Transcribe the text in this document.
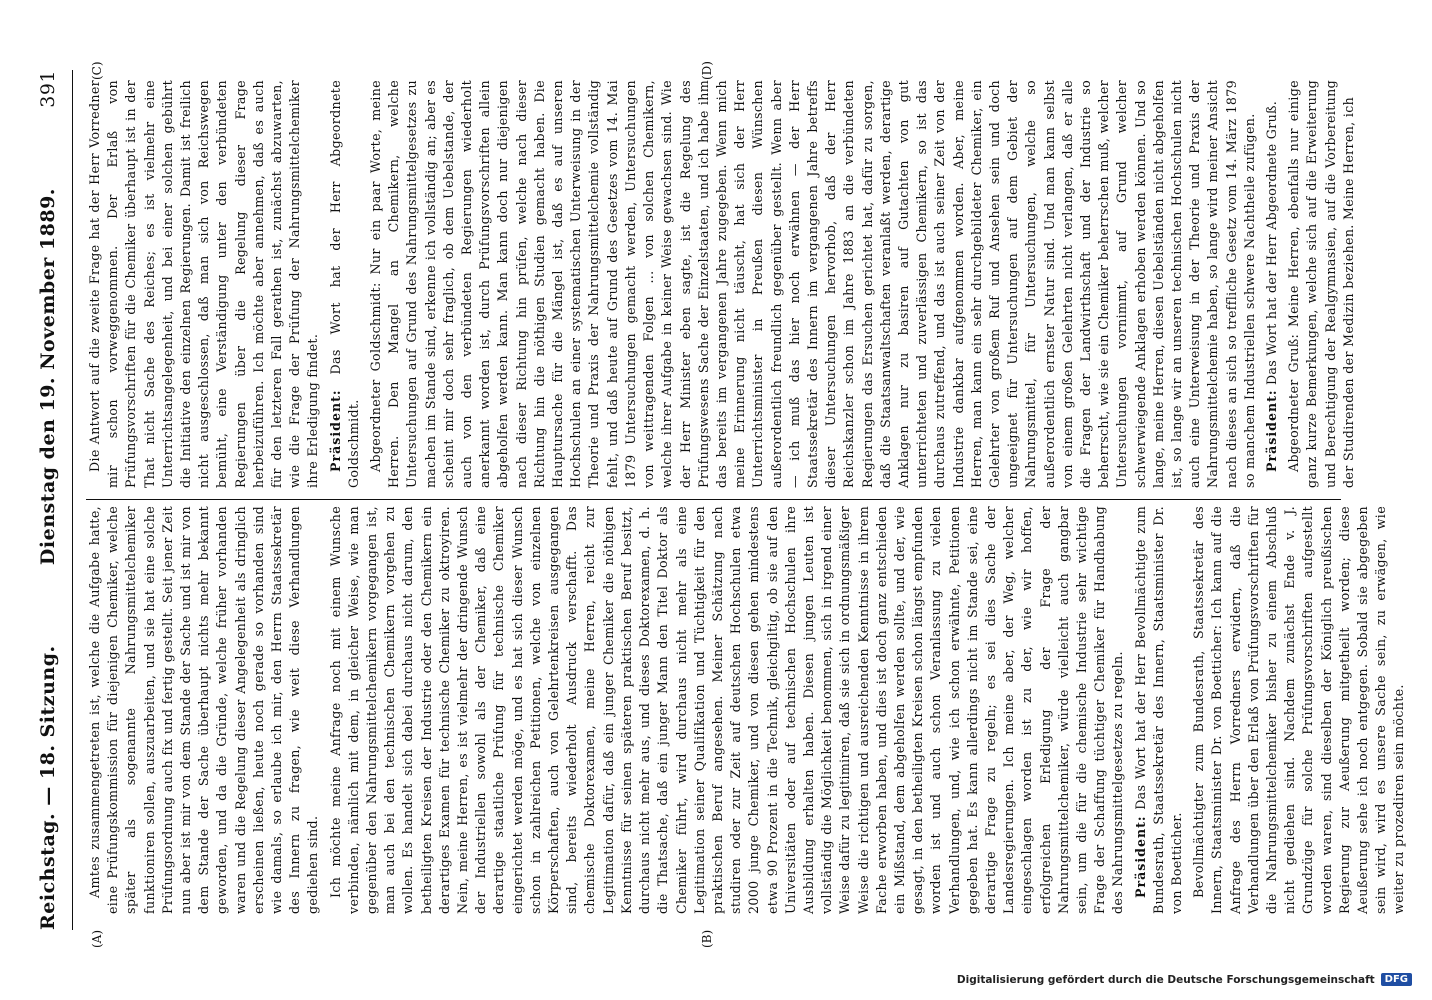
Reichstag. — 18. Sitzung.
Dienstag den 19. November 1889.
391
(A)	(B)
(C)	(D)

Amtes zusammengetreten ist, welche die Aufgabe hatte, eine Prüfungskommission für diejenigen Chemiker, welche später als sogenannte Nahrungsmittelchemiker funktioniren sollen, auszuarbeiten, und sie hat eine solche Prüfungsordnung auch fix und fertig gestellt. Seit jener Zeit nun aber ist mir von dem Stande der Sache und ist mir von dem Stande der Sache überhaupt nichts mehr bekannt geworden, und da die Gründe, welche früher vorhanden waren und die Regelung dieser Angelegenheit als dringlich erscheinen ließen, heute noch gerade so vorhanden sind wie damals, so erlaube ich mir, den Herrn Staatssekretär des Innern zu fragen, wie weit diese Verhandlungen gediehen sind. Ich möchte meine Anfrage noch mit einem Wunsche verbinden, nämlich mit dem, in gleicher Weise, wie man gegenüber den Nahrungsmittelchemikern vorgegangen ist, man auch bei den technischen Chemikern vorgehen zu wollen. Es handelt sich dabei durchaus nicht darum, den betheiligten Kreisen der Industrie oder den Chemikern ein derartiges Examen für technische Chemiker zu oktroyiren. Nein, meine Herren, es ist vielmehr der dringende Wunsch der Industriellen sowohl als der Chemiker, daß eine derartige staatliche Prüfung für technische Chemiker eingerichtet werden möge, und es hat sich dieser Wunsch schon in zahlreichen Petitionen, welche von einzelnen Körperschaften, auch von Gelehrtenkreisen ausgegangen sind, bereits wiederholt Ausdruck verschafft. Das chemische Doktorexamen, meine Herren, reicht zur Legitimation dafür, daß ein junger Chemiker die nöthigen Kenntnisse für seinen späteren praktischen Beruf besitzt, durchaus nicht mehr aus, und dieses Doktorexamen, d. h. die Thatsache, daß ein junger Mann den Titel Doktor als Chemiker führt, wird durchaus nicht mehr als eine Legitimation seiner Qualifikation und Tüchtigkeit für den praktischen Beruf angesehen. Meiner Schätzung nach studiren oder zur Zeit auf deutschen Hochschulen etwa 2000 junge Chemiker, und von diesen gehen mindestens etwa 90 Prozent in die Technik, gleichgiltig, ob sie auf den Universitäten oder auf technischen Hochschulen ihre Ausbildung erhalten haben. Diesen jungen Leuten ist vollständig die Möglichkeit benommen, sich in irgend einer Weise dafür zu legitimiren, daß sie sich in ordnungsmäßiger Weise die richtigen und ausreichenden Kenntnisse in ihrem Fache erworben haben, und dies ist doch ganz entschieden ein Mißstand, dem abgeholfen werden sollte, und der, wie gesagt, in den betheiligten Kreisen schon längst empfunden worden ist und auch schon Veranlassung zu vielen Verhandlungen, und, wie ich schon erwähnte, Petitionen gegeben hat. Es kann allerdings nicht im Stande sei, eine derartige Frage zu regeln; es sei dies Sache der Landesregierungen. Ich meine aber, der Weg, welcher eingeschlagen worden ist zu der, wie wir hoffen, erfolgreichen Erledigung der Frage der Nahrungsmittelchemiker, würde vielleicht auch gangbar sein, um die für die chemische Industrie sehr wichtige Frage der Schaffung tüchtiger Chemiker für Handhabung des Nahrungsmittelgesetzes zu regeln. Präsident: Das Wort hat der Herr Bevollmächtigte zum Bundesrath, Staatssekretär des Innern, Staatsminister Dr. von Boetticher. Bevollmächtigter zum Bundesrath, Staatssekretär des Innern, Staatsminister Dr. von Boetticher: Ich kann auf die Anfrage des Herrn Vorredners erwidern, daß die Verhandlungen über den Erlaß von Prüfungsvorschriften für die Nahrungsmittelchemiker bisher zu einem Abschluß nicht gediehen sind. Nachdem zunächst Ende v. J. Grundzüge für solche Prüfungsvorschriften aufgestellt worden waren, sind dieselben der Königlich preußischen Regierung zur Aeußerung mitgetheilt worden; diese Aeußerung sehe ich noch entgegen. Sobald sie abgegeben sein wird, wird es unsere Sache sein, zu erwägen, wie weiter zu prozediren sein möchte.

Die Antwort auf die zweite Frage hat der Herr Vorredner mir schon vorweggenommen. Der Erlaß von Prüfungsvorschriften für die Chemiker überhaupt ist in der That nicht Sache des Reiches; es ist vielmehr eine Unterrichtsangelegenheit, und bei einer solchen gebührt die Initiative den einzelnen Regierungen. Damit ist freilich nicht ausgeschlossen, daß man sich von Reichswegen bemüht, eine Verständigung unter den verbündeten Regierungen über die Regelung dieser Frage herbeizuführen. Ich möchte aber annehmen, daß es auch für den letzteren Fall gerathen ist, zunächst abzuwarten, wie die Frage der Prüfung der Nahrungsmittelchemiker ihre Erledigung findet. Präsident: Das Wort hat der Herr Abgeordnete Goldschmidt. Abgeordneter Goldschmidt: Nur ein paar Worte, meine Herren. Den Mangel an Chemikern, welche Untersuchungen auf Grund des Nahrungsmittelgesetzes zu machen im Stande sind, erkenne ich vollständig an; aber es scheint mir doch sehr fraglich, ob dem Uebelstande, der auch von den verbündeten Regierungen wiederholt anerkannt worden ist, durch Prüfungsvorschriften allein abgeholfen werden kann. Man kann doch nur diejenigen nach dieser Richtung hin prüfen, welche nach dieser Richtung hin die nöthigen Studien gemacht haben. Die Hauptursache für die Mängel ist, daß es auf unseren Hochschulen an einer systematischen Unterweisung in der Theorie und Praxis der Nahrungsmittelchemie vollständig fehlt, und daß heute auf Grund des Gesetzes vom 14. Mai 1879 Untersuchungen gemacht werden, Untersuchungen von weittragenden Folgen ... von solchen Chemikern, welche ihrer Aufgabe in keiner Weise gewachsen sind. Wie der Herr Minister eben sagte, ist die Regelung des Prüfungswesens Sache der Einzelstaaten, und ich habe ihm das bereits im vergangenen Jahre zugegeben. Wenn mich meine Erinnerung nicht täuscht, hat sich der Herr Unterrichtsminister in Preußen diesen Wünschen außerordentlich freundlich gegenüber gestellt. Wenn aber — ich muß das hier noch erwähnen — der Herr Staatssekretär des Innern im vergangenen Jahre betreffs dieser Untersuchungen hervorhob, daß der Herr Reichskanzler schon im Jahre 1883 an die verbündeten Regierungen das Ersuchen gerichtet hat, dafür zu sorgen, daß die Staatsanwaltschaften veranlaßt werden, derartige Anklagen nur zu basiren auf Gutachten von gut unterrichteten und zuverlässigen Chemikern, so ist das durchaus zutreffend, und das ist auch seiner Zeit von der Industrie dankbar aufgenommen worden. Aber, meine Herren, man kann ein sehr durchgebildeter Chemiker, ein Gelehrter von großem Ruf und Ansehen sein und doch ungeeignet für Untersuchungen auf dem Gebiet der Nahrungsmittel, für Untersuchungen, welche so außerordentlich ernster Natur sind. Und man kann selbst von einem großen Gelehrten nicht verlangen, daß er alle die Fragen der Landwirthschaft und der Industrie so beherrscht, wie sie ein Chemiker beherrschen muß, welcher Untersuchungen vornimmt, auf Grund welcher schwerwiegende Anklagen erhoben werden können. Und so lange, meine Herren, diesen Uebelständen nicht abgeholfen ist, so lange wir an unseren technischen Hochschulen nicht auch eine Unterweisung in der Theorie und Praxis der Nahrungsmittelchemie haben, so lange wird meiner Ansicht nach dieses an sich so treffliche Gesetz vom 14. März 1879 so manchem Industriellen schwere Nachtheile zufügen. Präsident: Das Wort hat der Herr Abgeordnete Gruß. Abgeordneter Gruß: Meine Herren, ebenfalls nur einige ganz kurze Bemerkungen, welche sich auf die Erweiterung und Berechtigung der Realgymnasien, auf die Vorbereitung der Studirenden der Medizin beziehen. Meine Herren, ich

Digitalisierung gefördert durch die Deutsche Forschungsgemeinschaft	DFG
